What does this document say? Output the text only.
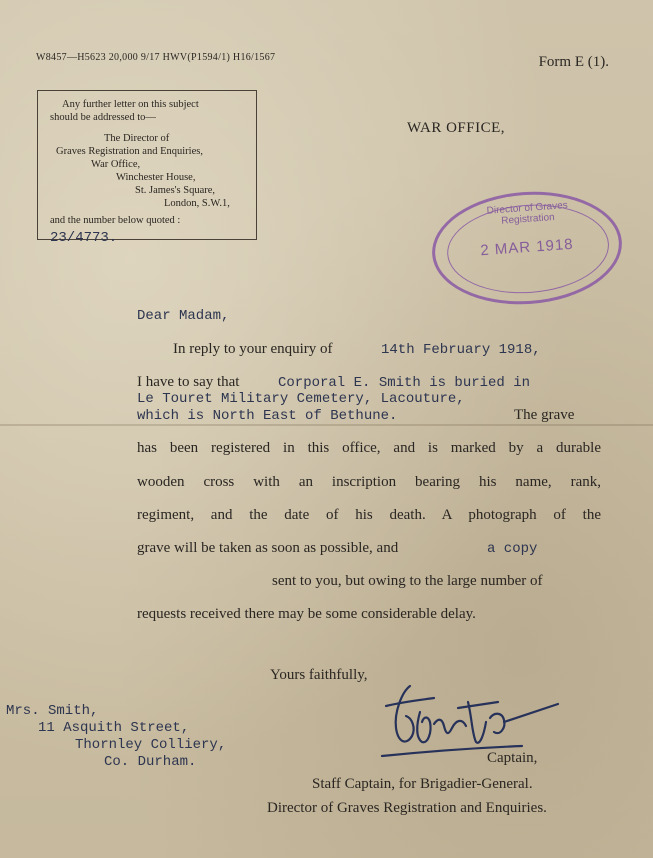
W8457—H5623 20,000 9/17 HWV(P1594/1) H16/1567	Form E (1).
Any further letter on this subject
should be addressed to—
The Director of
Graves Registration and Enquiries,
War Office,
Winchester House,
St. James's Square,
London, S.W.1,
and the number below quoted :
23/4773.
WAR OFFICE,
Director of Graves Registration
2 MAR 1918
Dear Madam,
In reply to your enquiry of	14th February 1918,
I have to say that	Corporal E. Smith is buried in
Le Touret Military Cemetery, Lacouture,
which is North East of Bethune.	The grave
has been registered in this office, and is marked by a durable
wooden cross with an inscription bearing his name, rank,
regiment, and the date of his death. A photograph of the
grave will be taken as soon as possible, and	a copy
sent to you, but owing to the large number of
requests received there may be some considerable delay.
Yours faithfully,
Mrs. Smith,
11 Asquith Street,
Thornley Colliery,
Co. Durham.	Captain,
Staff Captain, for Brigadier-General.
Director of Graves Registration and Enquiries.
